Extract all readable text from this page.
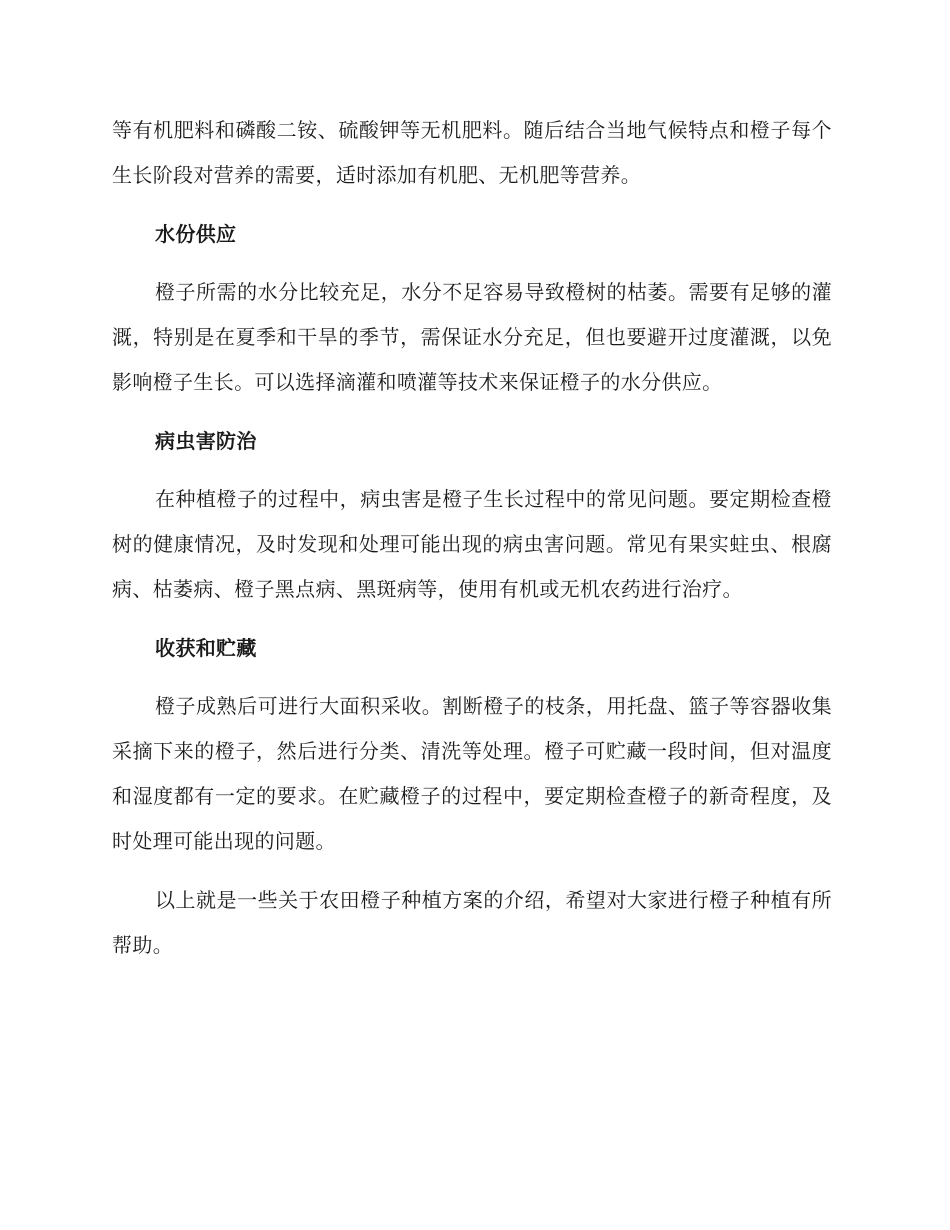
等有机肥料和磷酸二铵、硫酸钾等无机肥料。随后结合当地气候特点和橙子每个生长阶段对营养的需要，适时添加有机肥、无机肥等营养。

水份供应

橙子所需的水分比较充足，水分不足容易导致橙树的枯萎。需要有足够的灌溉，特别是在夏季和干旱的季节，需保证水分充足，但也要避开过度灌溉，以免影响橙子生长。可以选择滴灌和喷灌等技术来保证橙子的水分供应。

病虫害防治

在种植橙子的过程中，病虫害是橙子生长过程中的常见问题。要定期检查橙树的健康情况，及时发现和处理可能出现的病虫害问题。常见有果实蛀虫、根腐病、枯萎病、橙子黑点病、黑斑病等，使用有机或无机农药进行治疗。

收获和贮藏

橙子成熟后可进行大面积采收。割断橙子的枝条，用托盘、篮子等容器收集采摘下来的橙子，然后进行分类、清洗等处理。橙子可贮藏一段时间，但对温度和湿度都有一定的要求。在贮藏橙子的过程中，要定期检查橙子的新奇程度，及时处理可能出现的问题。

以上就是一些关于农田橙子种植方案的介绍，希望对大家进行橙子种植有所帮助。
